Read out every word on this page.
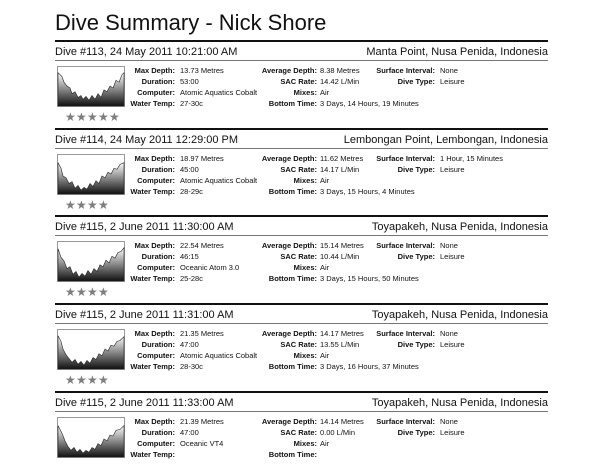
Dive Summary - Nick Shore
Dive #113, 24 May 2011 10:21:00 AM	Manta Point, Nusa Penida, Indonesia
★★★★★
Max Depth: 13.73 Metres
Duration: 53:00
Computer: Atomic Aquatics Cobalt
Water Temp: 27-30c
Average Depth: 8.38 Metres
SAC Rate: 14.42 L/Min
Mixes: Air
Bottom Time: 3 Days, 14 Hours, 19 Minutes
Surface Interval: None
Dive Type: Leisure
Dive #114, 24 May 2011 12:29:00 PM	Lembongan Point, Lembongan, Indonesia
★★★★
Max Depth: 18.97 Metres
Duration: 45:00
Computer: Atomic Aquatics Cobalt
Water Temp: 28-29c
Average Depth: 11.62 Metres
SAC Rate: 14.17 L/Min
Mixes: Air
Bottom Time: 3 Days, 15 Hours, 4 Minutes
Surface Interval: 1 Hour, 15 Minutes
Dive Type: Leisure
Dive #115, 2 June 2011 11:30:00 AM	Toyapakeh, Nusa Penida, Indonesia
★★★★
Max Depth: 22.54 Metres
Duration: 46:15
Computer: Oceanic Atom 3.0
Water Temp: 25-28c
Average Depth: 15.14 Metres
SAC Rate: 10.44 L/Min
Mixes: Air
Bottom Time: 3 Days, 15 Hours, 50 Minutes
Surface Interval: None
Dive Type: Leisure
Dive #115, 2 June 2011 11:31:00 AM	Toyapakeh, Nusa Penida, Indonesia
★★★★
Max Depth: 21.35 Metres
Duration: 47:00
Computer: Atomic Aquatics Cobalt
Water Temp: 28-30c
Average Depth: 14.17 Metres
SAC Rate: 13.55 L/Min
Mixes: Air
Bottom Time: 3 Days, 16 Hours, 37 Minutes
Surface Interval: None
Dive Type: Leisure
Dive #115, 2 June 2011 11:33:00 AM	Toyapakeh, Nusa Penida, Indonesia
Max Depth: 21.39 Metres
Duration: 47:00
Computer: Oceanic VT4
Water Temp:
Average Depth: 14.14 Metres
SAC Rate: 0.00 L/Min
Mixes: Air
Bottom Time:
Surface Interval: None
Dive Type: Leisure
